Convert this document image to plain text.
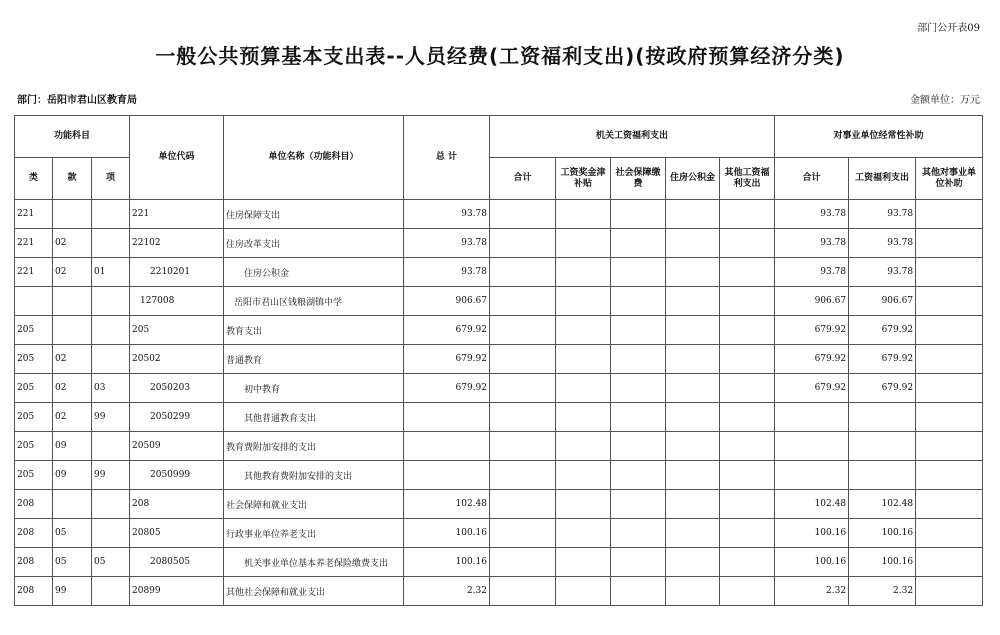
部门公开表09
一般公共预算基本支出表--人员经费(工资福利支出)(按政府预算经济分类)
部门：岳阳市君山区教育局	金额单位：万元
功能科目			单位代码	单位名称（功能科目）	总 计	机关工资福利支出					对事业单位经常性补助		
类	款	项				合计	工资奖金津补贴	社会保障缴费	住房公积金	其他工资福利支出	合计	工资福利支出	其他对事业单位补助
221			221	住房保障支出	93.78						93.78	93.78	
221	02		22102	住房改革支出	93.78						93.78	93.78	
221	02	01	2210201	住房公积金	93.78						93.78	93.78	
			127008	岳阳市君山区钱粮湖镇中学	906.67						906.67	906.67	
205			205	教育支出	679.92						679.92	679.92	
205	02		20502	普通教育	679.92						679.92	679.92	
205	02	03	2050203	初中教育	679.92						679.92	679.92	
205	02	99	2050299	其他普通教育支出									
205	09		20509	教育费附加安排的支出									
205	09	99	2050999	其他教育费附加安排的支出									
208			208	社会保障和就业支出	102.48						102.48	102.48	
208	05		20805	行政事业单位养老支出	100.16						100.16	100.16	
208	05	05	2080505	机关事业单位基本养老保险缴费支出	100.16						100.16	100.16	
208	99		20899	其他社会保障和就业支出	2.32						2.32	2.32	
